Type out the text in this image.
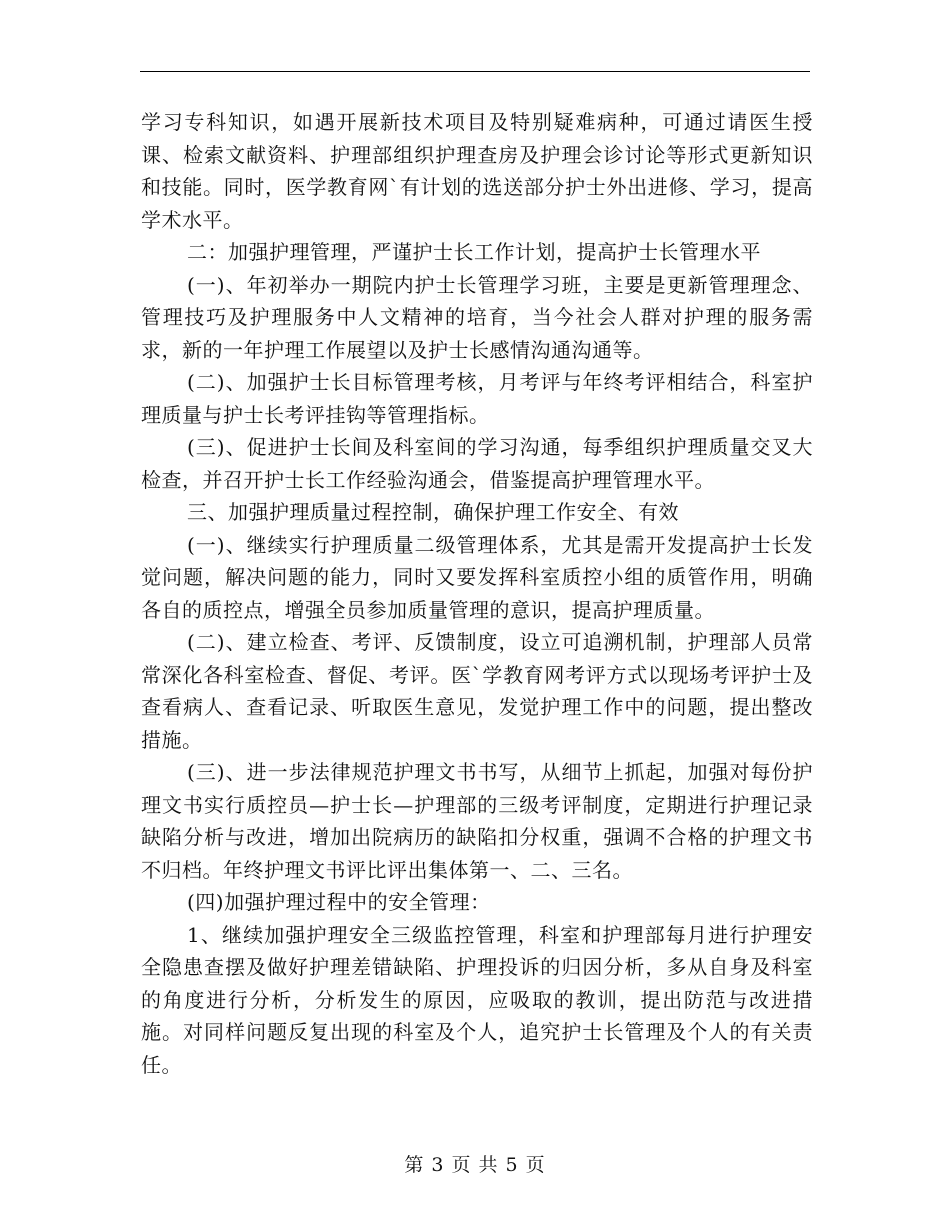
学习专科知识，如遇开展新技术项目及特别疑难病种，可通过请医生授课、检索文献资料、护理部组织护理查房及护理会诊讨论等形式更新知识和技能。同时，医学教育网`有计划的选送部分护士外出进修、学习，提高学术水平。

二：加强护理管理，严谨护士长工作计划，提高护士长管理水平

(一)、年初举办一期院内护士长管理学习班，主要是更新管理理念、管理技巧及护理服务中人文精神的培育，当今社会人群对护理的服务需求，新的一年护理工作展望以及护士长感情沟通沟通等。

(二)、加强护士长目标管理考核，月考评与年终考评相结合，科室护理质量与护士长考评挂钩等管理指标。

(三)、促进护士长间及科室间的学习沟通，每季组织护理质量交叉大检查，并召开护士长工作经验沟通会，借鉴提高护理管理水平。

三、加强护理质量过程控制，确保护理工作安全、有效

(一)、继续实行护理质量二级管理体系，尤其是需开发提高护士长发觉问题，解决问题的能力，同时又要发挥科室质控小组的质管作用，明确各自的质控点，增强全员参加质量管理的意识，提高护理质量。

(二)、建立检查、考评、反馈制度，设立可追溯机制，护理部人员常常深化各科室检查、督促、考评。医`学教育网考评方式以现场考评护士及查看病人、查看记录、听取医生意见，发觉护理工作中的问题，提出整改措施。

(三)、进一步法律规范护理文书书写，从细节上抓起，加强对每份护理文书实行质控员—护士长—护理部的三级考评制度，定期进行护理记录缺陷分析与改进，增加出院病历的缺陷扣分权重，强调不合格的护理文书不归档。年终护理文书评比评出集体第一、二、三名。

(四)加强护理过程中的安全管理：

1、继续加强护理安全三级监控管理，科室和护理部每月进行护理安全隐患查摆及做好护理差错缺陷、护理投诉的归因分析，多从自身及科室的角度进行分析，分析发生的原因，应吸取的教训，提出防范与改进措施。对同样问题反复出现的科室及个人，追究护士长管理及个人的有关责任。

第 3 页 共 5 页
